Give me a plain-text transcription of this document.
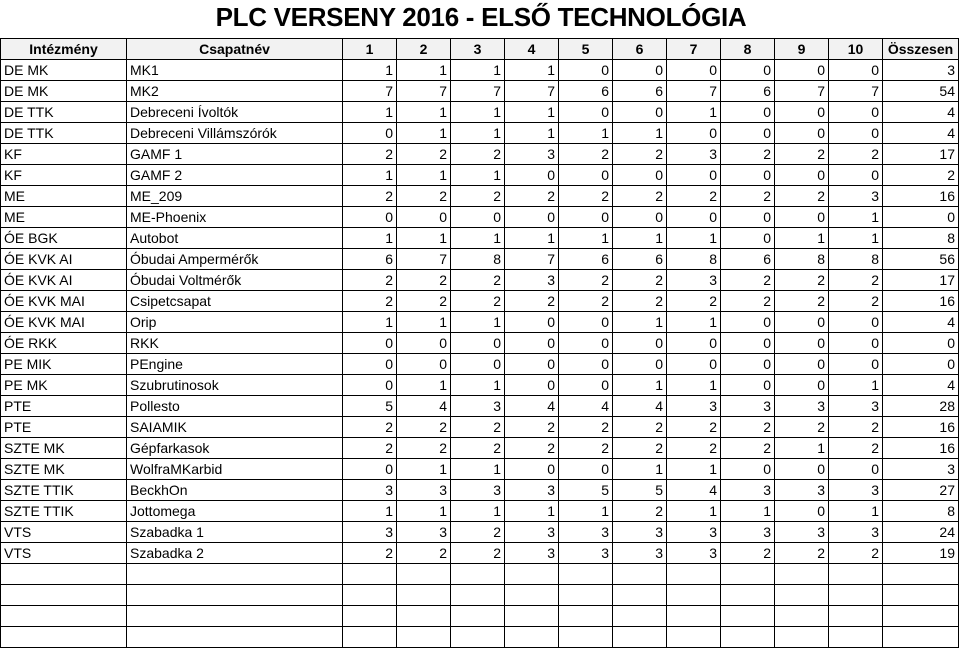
PLC VERSENY 2016 - ELSŐ TECHNOLÓGIA
Intézmény	Csapatnév	1	2	3	4	5	6	7	8	9	10	Összesen
DE MK	MK1	1	1	1	1	0	0	0	0	0	0	3
DE MK	MK2	7	7	7	7	6	6	7	6	7	7	54
DE TTK	Debreceni Ívoltók	1	1	1	1	0	0	1	0	0	0	4
DE TTK	Debreceni Villámszórók	0	1	1	1	1	1	0	0	0	0	4
KF	GAMF 1	2	2	2	3	2	2	3	2	2	2	17
KF	GAMF 2	1	1	1	0	0	0	0	0	0	0	2
ME	ME_209	2	2	2	2	2	2	2	2	2	3	16
ME	ME-Phoenix	0	0	0	0	0	0	0	0	0	1	0
ÓE BGK	Autobot	1	1	1	1	1	1	1	0	1	1	8
ÓE KVK AI	Óbudai Ampermérők	6	7	8	7	6	6	8	6	8	8	56
ÓE KVK AI	Óbudai Voltmérők	2	2	2	3	2	2	3	2	2	2	17
ÓE KVK MAI	Csipetcsapat	2	2	2	2	2	2	2	2	2	2	16
ÓE KVK MAI	Orip	1	1	1	0	0	1	1	0	0	0	4
ÓE RKK	RKK	0	0	0	0	0	0	0	0	0	0	0
PE MIK	PEngine	0	0	0	0	0	0	0	0	0	0	0
PE MK	Szubrutinosok	0	1	1	0	0	1	1	0	0	1	4
PTE	Pollesto	5	4	3	4	4	4	3	3	3	3	28
PTE	SAIAMIK	2	2	2	2	2	2	2	2	2	2	16
SZTE MK	Gépfarkasok	2	2	2	2	2	2	2	2	1	2	16
SZTE MK	WolfraMKarbid	0	1	1	0	0	1	1	0	0	0	3
SZTE TTIK	BeckhOn	3	3	3	3	5	5	4	3	3	3	27
SZTE TTIK	Jottomega	1	1	1	1	1	2	1	1	0	1	8
VTS	Szabadka 1	3	3	2	3	3	3	3	3	3	3	24
VTS	Szabadka 2	2	2	2	3	3	3	3	2	2	2	19
